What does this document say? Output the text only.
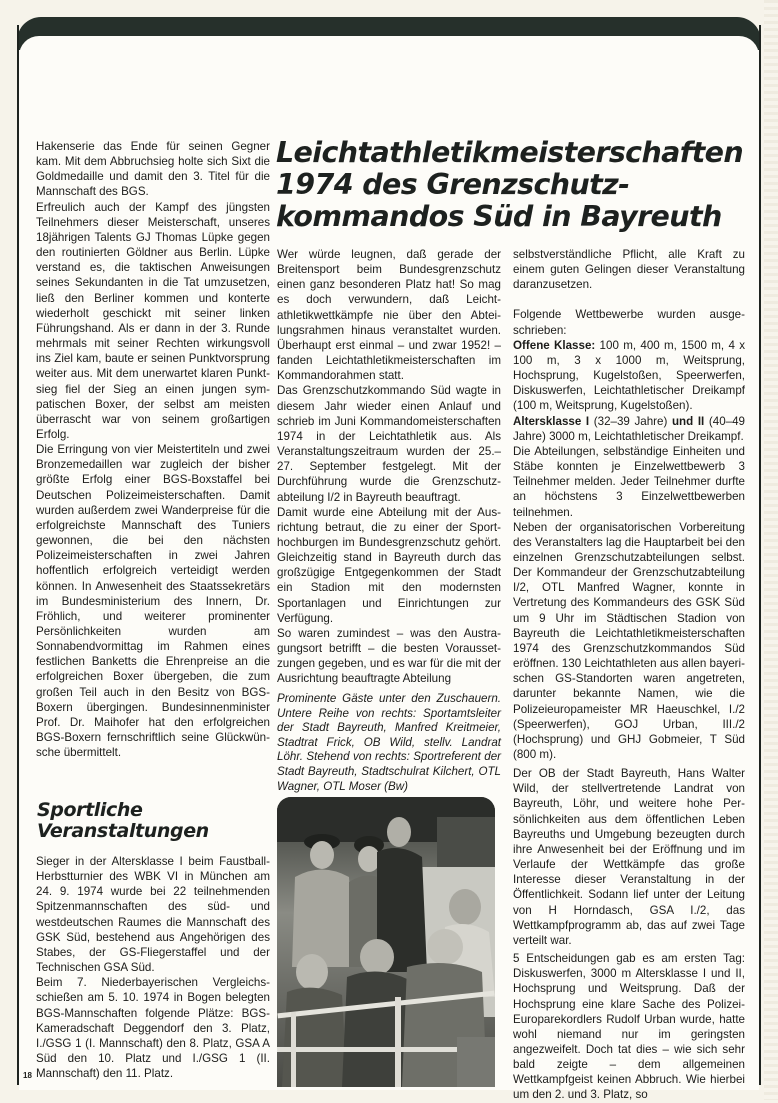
Hakenserie das Ende für seinen Gegner kam. Mit dem Abbruchsieg holte sich Sixt die Goldmedaille und damit den 3. Titel für die Mannschaft des BGS.

Erfreulich auch der Kampf des jüngsten Teilnehmers dieser Meisterschaft, unseres 18jährigen Talents GJ Thomas Lüpke gegen den routinierten Göldner aus Berlin. Lüpke verstand es, die taktischen Anweisungen seines Sekundanten in die Tat umzusetzen, ließ den Berliner kommen und konterte wiederholt geschickt mit seiner linken Führungshand. Als er dann in der 3. Runde mehrmals mit seiner Rechten wirkungsvoll ins Ziel kam, baute er seinen Punktvorsprung weiter aus. Mit dem unerwartet klaren Punktsieg fiel der Sieg an einen jungen sympatischen Boxer, der selbst am meisten überrascht war von seinem großartigen Erfolg.

Die Erringung von vier Meistertiteln und zwei Bronzemedaillen war zugleich der bisher größte Erfolg einer BGS-Boxstaffel bei Deutschen Polizeimeisterschaften. Damit wurden außerdem zwei Wanderpreise für die erfolgreichste Mannschaft des Tuniers gewonnen, die bei den nächsten Polizeimeisterschaften in zwei Jahren hoffentlich erfolgreich verteidigt werden können. In Anwesenheit des Staatssekretärs im Bundesministerium des Innern, Dr. Fröhlich, und weiterer prominenter Persönlichkeiten wurden am Sonnabendvormittag im Rahmen eines festlichen Banketts die Ehrenpreise an die erfolgreichen Boxer übergeben, die zum großen Teil auch in den Besitz von BGS-Boxern übergingen. Bundesinnenminister Prof. Dr. Maihofer hat den erfolgreichen BGS-Boxern fernschriftlich seine Glückwünsche übermittelt.

Sportliche
Veranstaltungen

Sieger in der Altersklasse I beim Faustball-Herbstturnier des WBK VI in München am 24. 9. 1974 wurde bei 22 teilnehmenden Spitzenmannschaften des süd- und westdeutschen Raumes die Mannschaft des GSK Süd, bestehend aus Angehörigen des Stabes, der GS-Fliegerstaffel und der Technischen GSA Süd.

Beim 7. Niederbayerischen Vergleichsschießen am 5. 10. 1974 in Bogen belegten BGS-Mannschaften folgende Plätze: BGS-Kameradschaft Deggendorf den 3. Platz, I./GSG 1 (I. Mannschaft) den 8. Platz, GSA A Süd den 10. Platz und I./GSG 1 (II. Mannschaft) den 11. Platz.

Leichtathletikmeisterschaften
1974 des Grenzschutz-
kommandos Süd in Bayreuth

Wer würde leugnen, daß gerade der Breitensport beim Bundesgrenzschutz einen ganz besonderen Platz hat! So mag es doch verwundern, daß Leichtathletikwettkämpfe nie über den Abteilungsrahmen hinaus veranstaltet wurden. Überhaupt erst einmal – und zwar 1952! – fanden Leichtathletikmeisterschaften im Kommandorahmen statt.

Das Grenzschutzkommando Süd wagte in diesem Jahr wieder einen Anlauf und schrieb im Juni Kommandomeisterschaften 1974 in der Leichtathletik aus. Als Veranstaltungszeitraum wurden der 25.–27. September festgelegt. Mit der Durchführung wurde die Grenzschutzabteilung I/2 in Bayreuth beauftragt.

Damit wurde eine Abteilung mit der Ausrichtung betraut, die zu einer der Sporthochburgen im Bundesgrenzschutz gehört. Gleichzeitig stand in Bayreuth durch das großzügige Entgegenkommen der Stadt ein Stadion mit den modernsten Sportanlagen und Einrichtungen zur Verfügung.

So waren zumindest – was den Austragungsort betrifft – die besten Voraussetzungen gegeben, und es war für die mit der Ausrichtung beauftragte Abteilung

Prominente Gäste unter den Zuschauern. Untere Reihe von rechts: Sportamtsleiter der Stadt Bayreuth, Manfred Kreitmeier, Stadtrat Frick, OB Wild, stellv. Landrat Löhr. Stehend von rechts: Sportreferent der Stadt Bayreuth, Stadtschulrat Kilchert, OTL Wagner, OTL Moser (Bw)

selbstverständliche Pflicht, alle Kraft zu einem guten Gelingen dieser Veranstaltung daranzusetzen.

Folgende Wettbewerbe wurden ausgeschrieben:

Offene Klasse: 100 m, 400 m, 1500 m, 4 x 100 m, 3 x 1000 m, Weitsprung, Hochsprung, Kugelstoßen, Speerwerfen, Diskuswerfen, Leichtathletischer Dreikampf (100 m, Weitsprung, Kugelstoßen).

Altersklasse I (32–39 Jahre) und II (40–49 Jahre) 3000 m, Leichtathletischer Dreikampf.

Die Abteilungen, selbständige Einheiten und Stäbe konnten je Einzelwettbewerb 3 Teilnehmer melden. Jeder Teilnehmer durfte an höchstens 3 Einzelwettbewerben teilnehmen.

Neben der organisatorischen Vorbereitung des Veranstalters lag die Hauptarbeit bei den einzelnen Grenzschutzabteilungen selbst. Der Kommandeur der Grenzschutzabteilung I/2, OTL Manfred Wagner, konnte in Vertretung des Kommandeurs des GSK Süd um 9 Uhr im Städtischen Stadion von Bayreuth die Leichtathletikmeisterschaften 1974 des Grenzschutzkommandos Süd eröffnen. 130 Leichtathleten aus allen bayerischen GS-Standorten waren angetreten, darunter bekannte Namen, wie die Polizeieuropameister MR Haeuschkel, I./2 (Speerwerfen), GOJ Urban, III./2 (Hochsprung) und GHJ Gobmeier, T Süd (800 m).

Der OB der Stadt Bayreuth, Hans Walter Wild, der stellvertretende Landrat von Bayreuth, Löhr, und weitere hohe Persönlichkeiten aus dem öffentlichen Leben Bayreuths und Umgebung bezeugten durch ihre Anwesenheit bei der Eröffnung und im Verlaufe der Wettkämpfe das große Interesse dieser Veranstaltung in der Öffentlichkeit. Sodann lief unter der Leitung von H Horndasch, GSA I./2, das Wettkampfprogramm ab, das auf zwei Tage verteilt war.

5 Entscheidungen gab es am ersten Tag: Diskuswerfen, 3000 m Altersklasse I und II, Hochsprung und Weitsprung. Daß der Hochsprung eine klare Sache des Polizei-Europarekordlers Rudolf Urban wurde, hatte wohl niemand nur im geringsten angezweifelt. Doch tat dies – wie sich sehr bald zeigte – dem allgemeinen Wettkampfgeist keinen Abbruch. Wie hierbei um den 2. und 3. Platz, so

18
